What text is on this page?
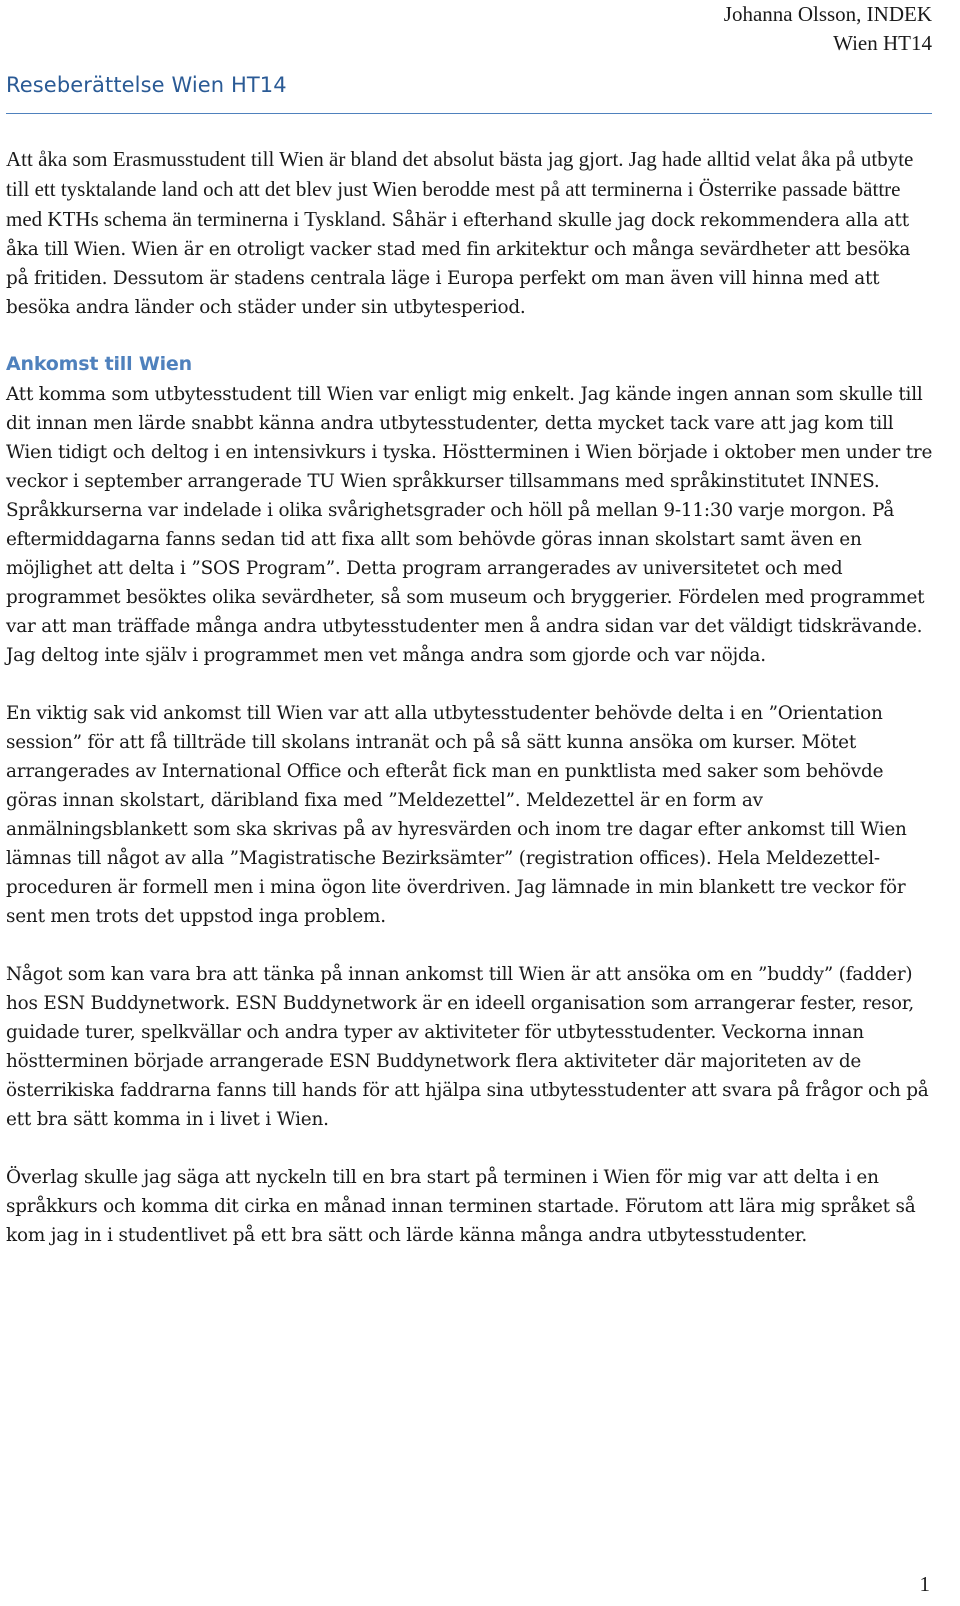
Johanna Olsson, INDEK
Wien HT14
Reseberättelse Wien HT14

Att åka som Erasmusstudent till Wien är bland det absolut bästa jag gjort. Jag hade alltid velat åka på utbyte till ett tysktalande land och att det blev just Wien berodde mest på att terminerna i Österrike passade bättre med KTHs schema än terminerna i Tyskland. Såhär i efterhand skulle jag dock rekommendera alla att åka till Wien. Wien är en otroligt vacker stad med fin arkitektur och många sevärdheter att besöka på fritiden. Dessutom är stadens centrala läge i Europa perfekt om man även vill hinna med att besöka andra länder och städer under sin utbytesperiod.

Ankomst till Wien

Att komma som utbytesstudent till Wien var enligt mig enkelt. Jag kände ingen annan som skulle till dit innan men lärde snabbt känna andra utbytesstudenter, detta mycket tack vare att jag kom till Wien tidigt och deltog i en intensivkurs i tyska. Höstterminen i Wien började i oktober men under tre veckor i september arrangerade TU Wien språkkurser tillsammans med språkinstitutet INNES. Språkkurserna var indelade i olika svårighetsgrader och höll på mellan 9-11:30 varje morgon. På eftermiddagarna fanns sedan tid att fixa allt som behövde göras innan skolstart samt även en möjlighet att delta i ”SOS Program”. Detta program arrangerades av universitetet och med programmet besöktes olika sevärdheter, så som museum och bryggerier. Fördelen med programmet var att man träffade många andra utbytesstudenter men å andra sidan var det väldigt tidskrävande. Jag deltog inte själv i programmet men vet många andra som gjorde och var nöjda.

En viktig sak vid ankomst till Wien var att alla utbytesstudenter behövde delta i en ”Orientation session” för att få tillträde till skolans intranät och på så sätt kunna ansöka om kurser. Mötet arrangerades av International Office och efteråt fick man en punktlista med saker som behövde göras innan skolstart, däribland fixa med ”Meldezettel”. Meldezettel är en form av anmälningsblankett som ska skrivas på av hyresvärden och inom tre dagar efter ankomst till Wien lämnas till något av alla ”Magistratische Bezirksämter” (registration offices). Hela Meldezettel-proceduren är formell men i mina ögon lite överdriven. Jag lämnade in min blankett tre veckor för sent men trots det uppstod inga problem.

Något som kan vara bra att tänka på innan ankomst till Wien är att ansöka om en ”buddy” (fadder) hos ESN Buddynetwork. ESN Buddynetwork är en ideell organisation som arrangerar fester, resor, guidade turer, spelkvällar och andra typer av aktiviteter för utbytesstudenter. Veckorna innan höstterminen började arrangerade ESN Buddynetwork flera aktiviteter där majoriteten av de österrikiska faddrarna fanns till hands för att hjälpa sina utbytesstudenter att svara på frågor och på ett bra sätt komma in i livet i Wien.

Överlag skulle jag säga att nyckeln till en bra start på terminen i Wien för mig var att delta i en språkkurs och komma dit cirka en månad innan terminen startade. Förutom att lära mig språket så kom jag in i studentlivet på ett bra sätt och lärde känna många andra utbytesstudenter.

1
